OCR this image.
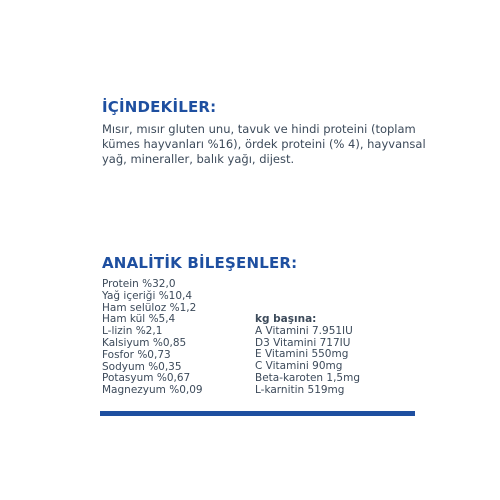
İÇİNDEKİLER:

Mısır, mısır gluten unu, tavuk ve hindi proteini (toplam kümes hayvanları %16), ördek proteini (% 4), hayvansal yağ, mineraller, balık yağı, dijest.

ANALİTİK BİLEŞENLER:
Protein %32,0
Yağ içeriği %10,4
Ham selüloz %1,2
Ham kül %5,4
L-lizin %2,1
Kalsiyum %0,85
Fosfor %0,73
Sodyum %0,35
Potasyum %0,67
Magnezyum %0,09

kg başına:

A Vitamini 7.951IU
D3 Vitamini 717IU
E Vitamini 550mg
C Vitamini 90mg
Beta-karoten 1,5mg
L-karnitin 519mg
